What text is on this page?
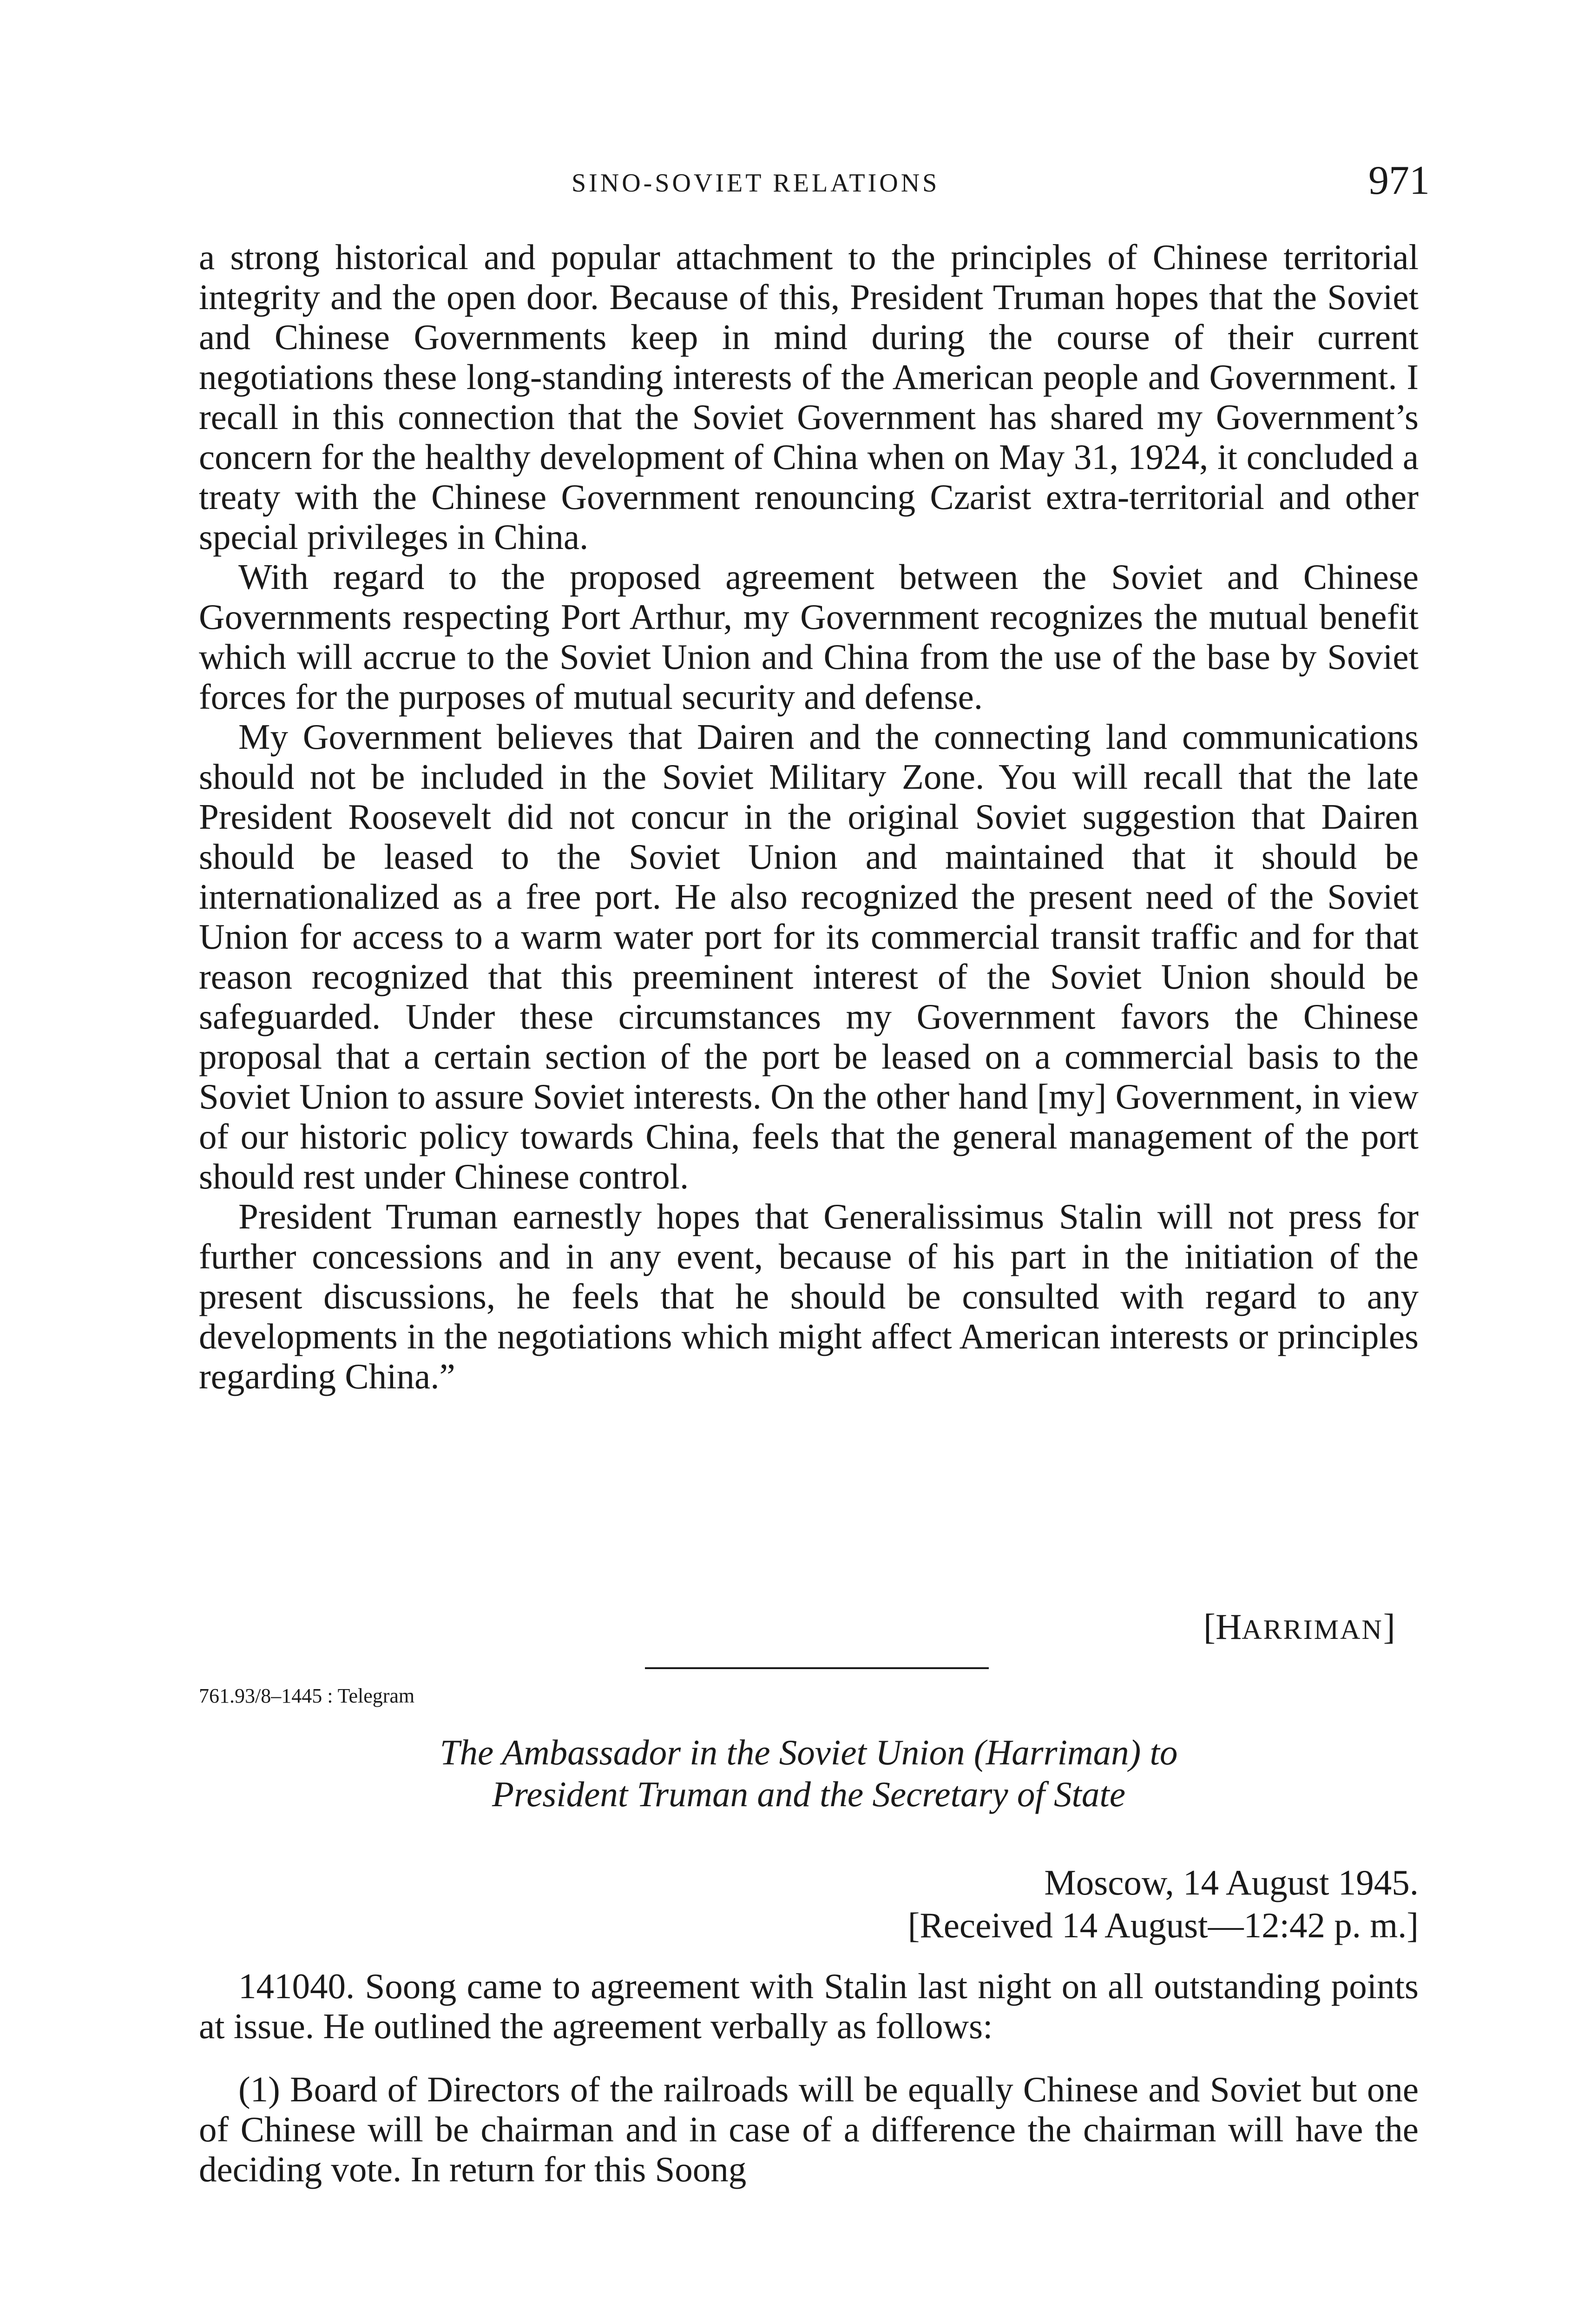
SINO-SOVIET RELATIONS	971

a strong historical and popular attachment to the principles of Chinese territorial integrity and the open door. Because of this, President Truman hopes that the Soviet and Chinese Governments keep in mind during the course of their current negotiations these long-standing interests of the American people and Government. I recall in this connection that the Soviet Government has shared my Government’s concern for the healthy development of China when on May 31, 1924, it concluded a treaty with the Chinese Government renouncing Czarist extra-territorial and other special privileges in China.

With regard to the proposed agreement between the Soviet and Chinese Governments respecting Port Arthur, my Government recognizes the mutual benefit which will accrue to the Soviet Union and China from the use of the base by Soviet forces for the purposes of mutual security and defense.

My Government believes that Dairen and the connecting land communications should not be included in the Soviet Military Zone. You will recall that the late President Roosevelt did not concur in the original Soviet suggestion that Dairen should be leased to the Soviet Union and maintained that it should be internationalized as a free port. He also recognized the present need of the Soviet Union for access to a warm water port for its commercial transit traffic and for that reason recognized that this preeminent interest of the Soviet Union should be safeguarded. Under these circumstances my Government favors the Chinese proposal that a certain section of the port be leased on a commercial basis to the Soviet Union to assure Soviet interests. On the other hand [my] Government, in view of our historic policy towards China, feels that the general management of the port should rest under Chinese control.

President Truman earnestly hopes that Generalissimus Stalin will not press for further concessions and in any event, because of his part in the initiation of the present discussions, he feels that he should be consulted with regard to any developments in the negotiations which might affect American interests or principles regarding China.”

[HARRIMAN]
761.93/8–1445 : Telegram
The Ambassador in the Soviet Union (Harriman) to
President Truman and the Secretary of State
Moscow, 14 August 1945.
[Received 14 August—12:42 p. m.]

141040. Soong came to agreement with Stalin last night on all outstanding points at issue. He outlined the agreement verbally as follows:

(1) Board of Directors of the railroads will be equally Chinese and Soviet but one of Chinese will be chairman and in case of a difference the chairman will have the deciding vote. In return for this Soong
